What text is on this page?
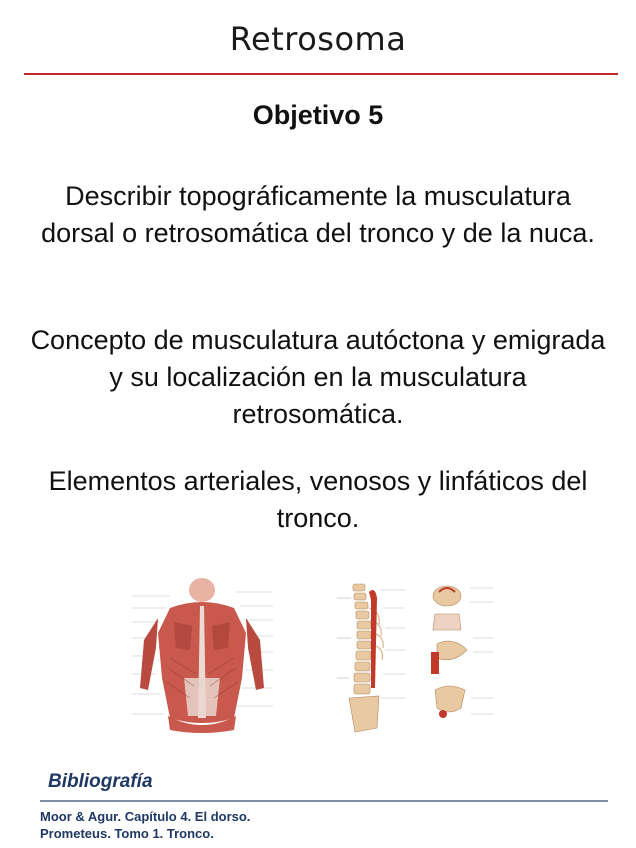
Retrosoma
Objetivo 5
Describir topográficamente la musculatura dorsal o retrosomática del tronco y de la nuca.
Concepto de musculatura autóctona y emigrada y su localización en la musculatura retrosomática.
Elementos arteriales, venosos y linfáticos del tronco.
Bibliografía
Moor & Agur. Capítulo 4. El dorso.
Prometeus. Tomo 1. Tronco.
